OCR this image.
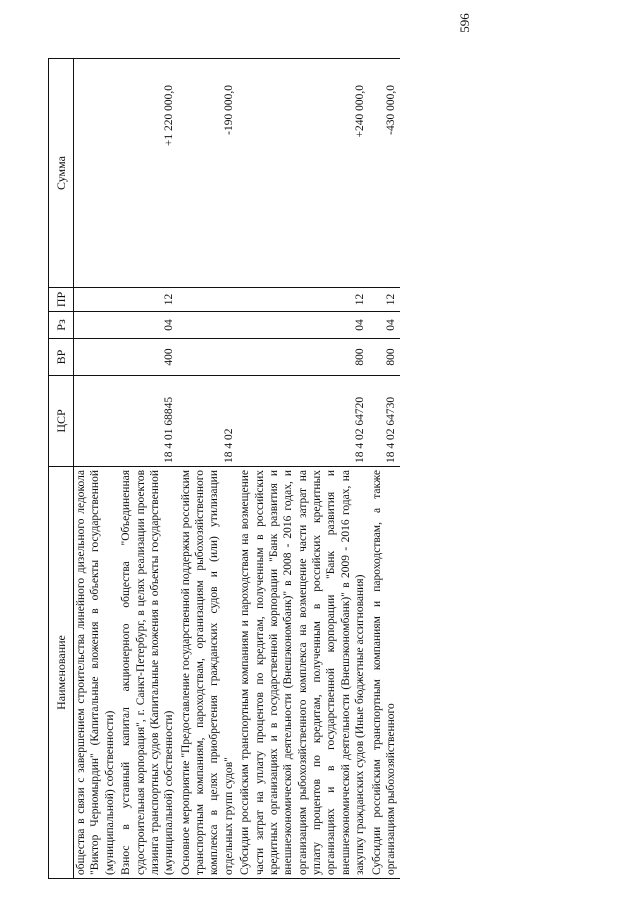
596
Наименование	ЦСР	ВР	Рз	ПР	Сумма
общества в связи с завершением строительства линейного дизельного ледокола "Виктор Черномырдин" (Капитальные вложения в объекты государственной (муниципальной) собственности)					
Взнос в уставный капитал акционерного общества "Объединенная судостроительная корпорация", г. Санкт-Петербург, в целях реализации проектов лизинга транспортных судов (Капитальные вложения в объекты государственной (муниципальной) собственности)	18 4 01 68845	400	04	12	+1 220 000,0
Основное мероприятие "Предоставление государственной поддержки российским транспортным компаниям, пароходствам, организациям рыбохозяйственного комплекса в целях приобретения гражданских судов и (или) утилизации отдельных групп судов"	18 4 02				-190 000,0
Субсидии российским транспортным компаниям и пароходствам на возмещение части затрат на уплату процентов по кредитам, полученным в российских кредитных организациях и в государственной корпорации "Банк развития и внешнеэкономической деятельности (Внешэкономбанк)" в 2008 - 2016 годах, и организациям рыбохозяйственного комплекса на возмещение части затрат на уплату процентов по кредитам, полученным в российских кредитных организациях и в государственной корпорации "Банк развития и внешнеэкономической деятельности (Внешэкономбанк)" в 2009 - 2016 годах, на закупку гражданских судов (Иные бюджетные ассигнования)	18 4 02 64720	800	04	12	+240 000,0
Субсидии российским транспортным компаниям и пароходствам, а также организациям рыбохозяйственного	18 4 02 64730	800	04	12	-430 000,0
